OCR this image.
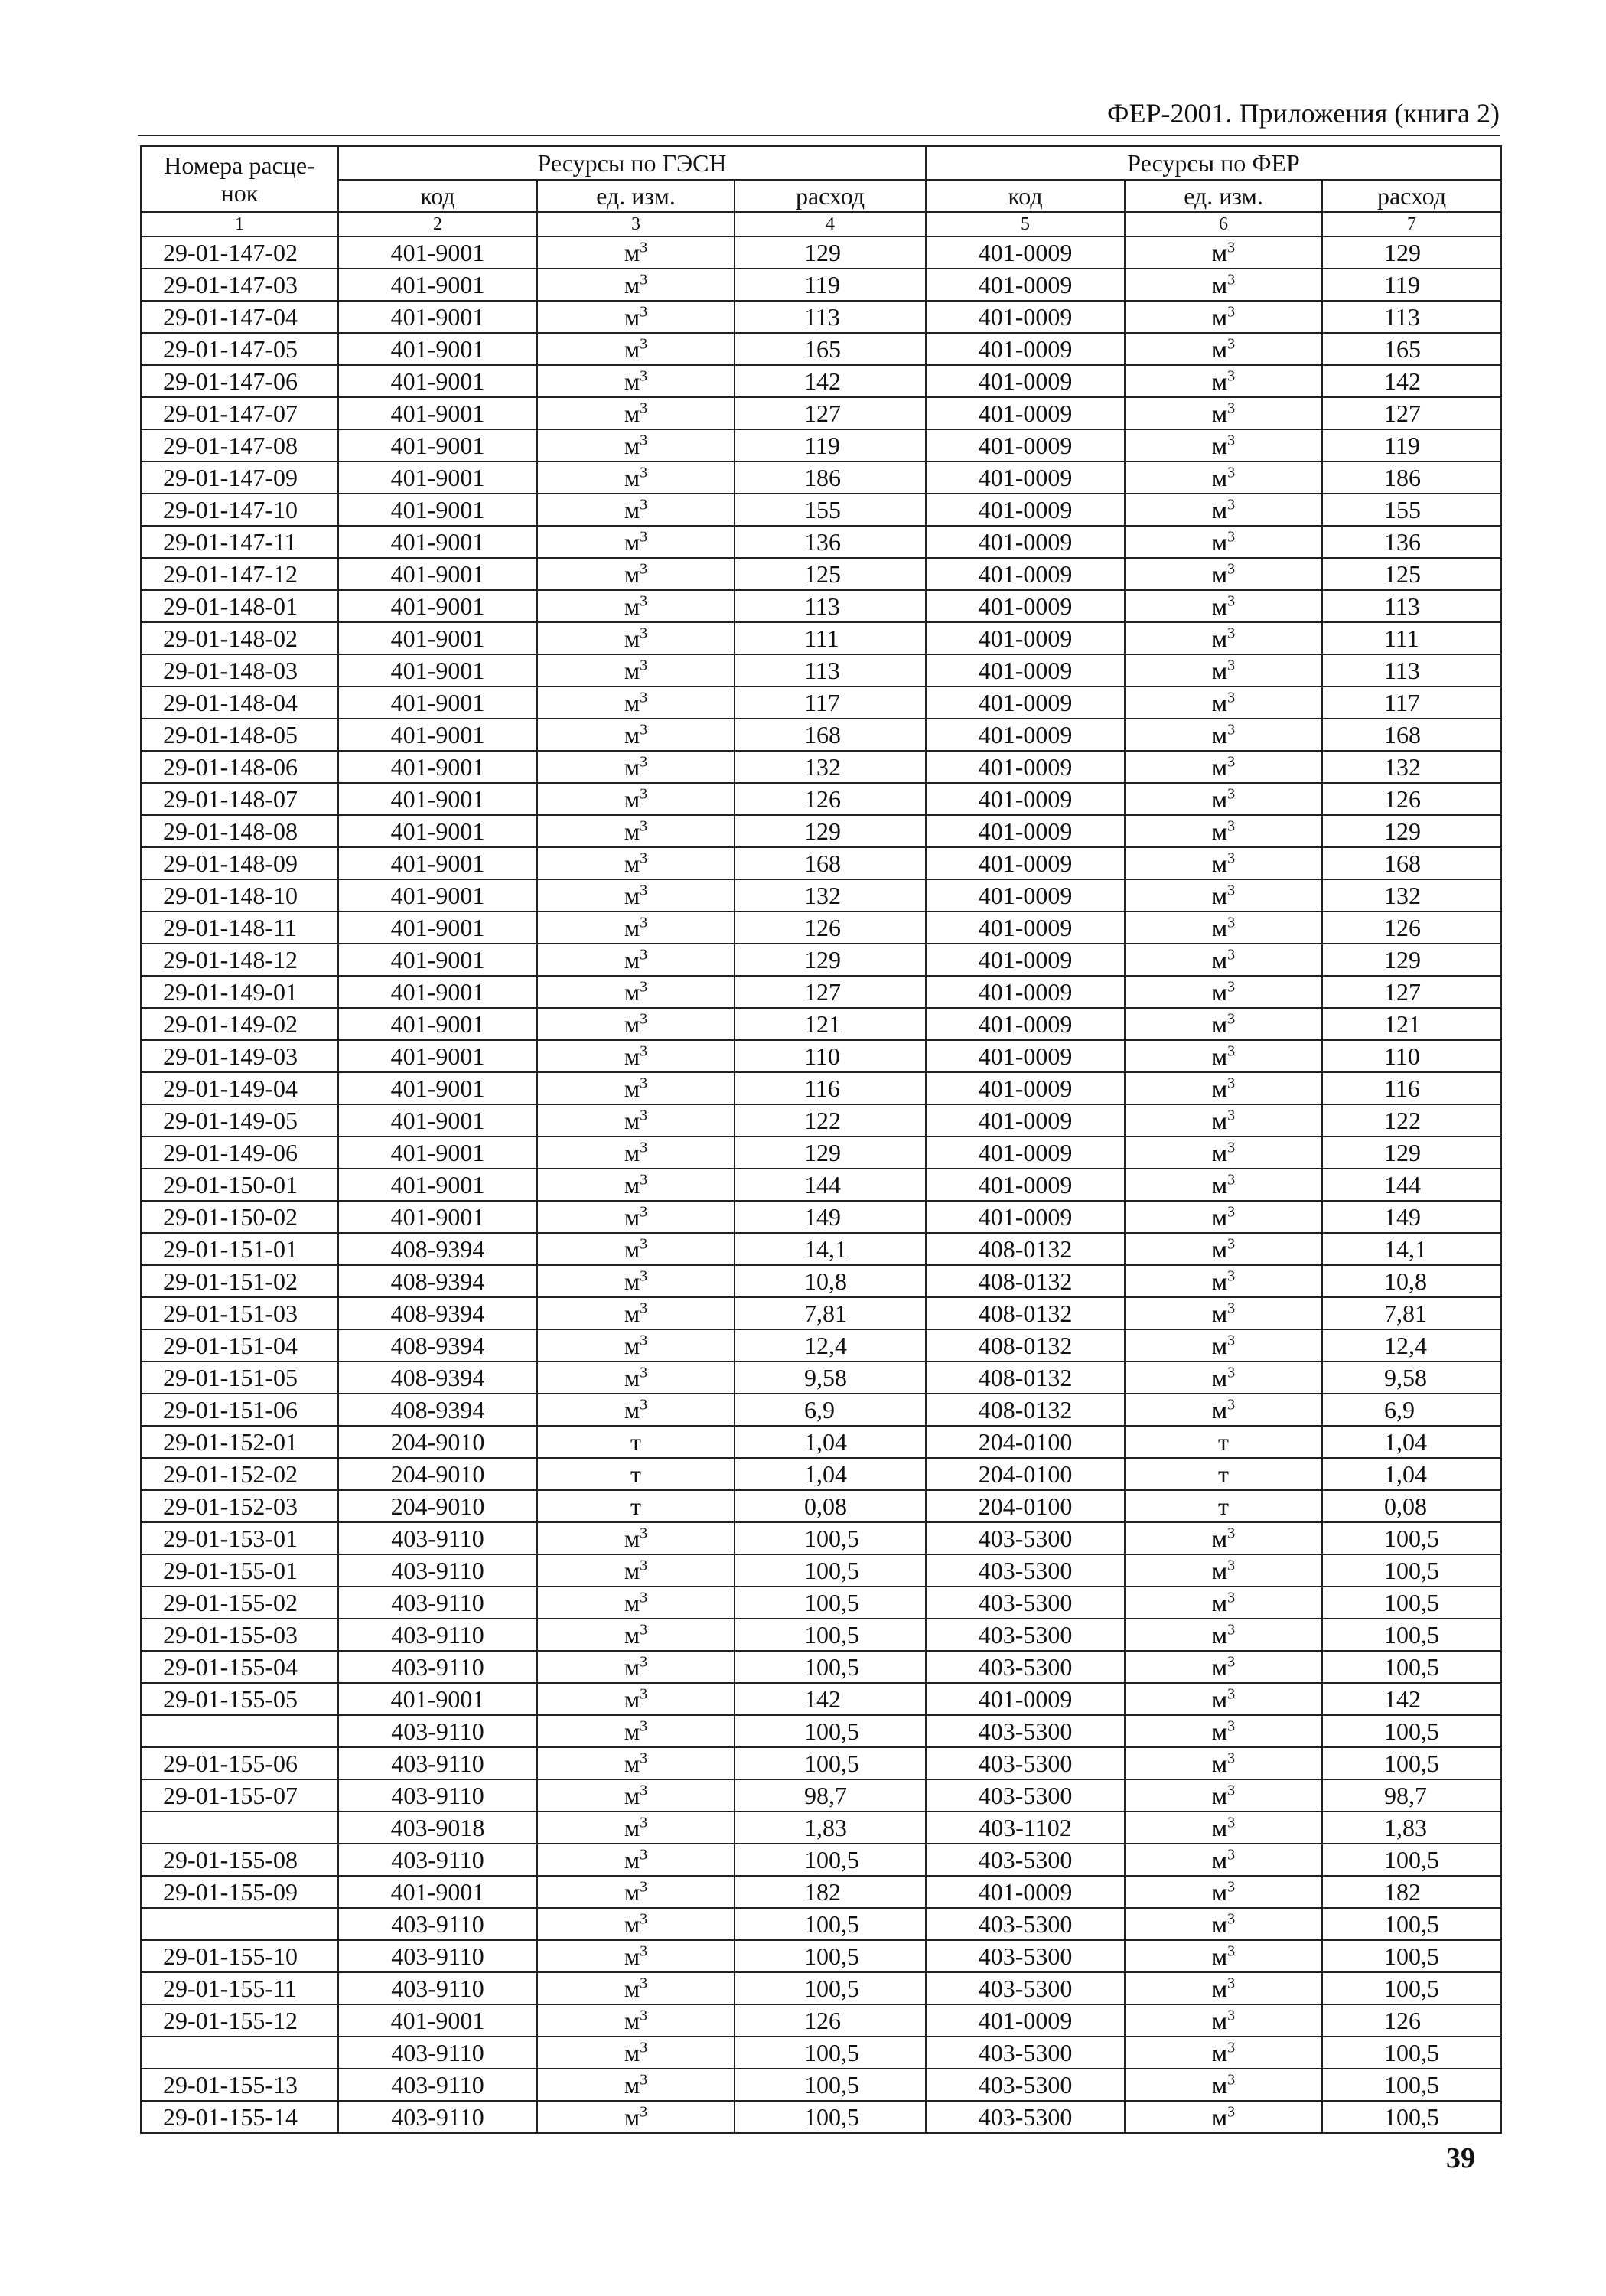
ФЕР-2001. Приложения (книга 2)
Номера расце-
нок	Ресурсы по ГЭСН			Ресурсы по ФЕР		
	код	ед. изм.	расход	код	ед. изм.	расход
1	2	3	4	5	6	7
29-01-147-02	401-9001	$м^3$	129	401-0009	$м^3$	129
29-01-147-03	401-9001	$м^3$	119	401-0009	$м^3$	119
29-01-147-04	401-9001	$м^3$	113	401-0009	$м^3$	113
29-01-147-05	401-9001	$м^3$	165	401-0009	$м^3$	165
29-01-147-06	401-9001	$м^3$	142	401-0009	$м^3$	142
29-01-147-07	401-9001	$м^3$	127	401-0009	$м^3$	127
29-01-147-08	401-9001	$м^3$	119	401-0009	$м^3$	119
29-01-147-09	401-9001	$м^3$	186	401-0009	$м^3$	186
29-01-147-10	401-9001	$м^3$	155	401-0009	$м^3$	155
29-01-147-11	401-9001	$м^3$	136	401-0009	$м^3$	136
29-01-147-12	401-9001	$м^3$	125	401-0009	$м^3$	125
29-01-148-01	401-9001	$м^3$	113	401-0009	$м^3$	113
29-01-148-02	401-9001	$м^3$	111	401-0009	$м^3$	111
29-01-148-03	401-9001	$м^3$	113	401-0009	$м^3$	113
29-01-148-04	401-9001	$м^3$	117	401-0009	$м^3$	117
29-01-148-05	401-9001	$м^3$	168	401-0009	$м^3$	168
29-01-148-06	401-9001	$м^3$	132	401-0009	$м^3$	132
29-01-148-07	401-9001	$м^3$	126	401-0009	$м^3$	126
29-01-148-08	401-9001	$м^3$	129	401-0009	$м^3$	129
29-01-148-09	401-9001	$м^3$	168	401-0009	$м^3$	168
29-01-148-10	401-9001	$м^3$	132	401-0009	$м^3$	132
29-01-148-11	401-9001	$м^3$	126	401-0009	$м^3$	126
29-01-148-12	401-9001	$м^3$	129	401-0009	$м^3$	129
29-01-149-01	401-9001	$м^3$	127	401-0009	$м^3$	127
29-01-149-02	401-9001	$м^3$	121	401-0009	$м^3$	121
29-01-149-03	401-9001	$м^3$	110	401-0009	$м^3$	110
29-01-149-04	401-9001	$м^3$	116	401-0009	$м^3$	116
29-01-149-05	401-9001	$м^3$	122	401-0009	$м^3$	122
29-01-149-06	401-9001	$м^3$	129	401-0009	$м^3$	129
29-01-150-01	401-9001	$м^3$	144	401-0009	$м^3$	144
29-01-150-02	401-9001	$м^3$	149	401-0009	$м^3$	149
29-01-151-01	408-9394	$м^3$	14,1	408-0132	$м^3$	14,1
29-01-151-02	408-9394	$м^3$	10,8	408-0132	$м^3$	10,8
29-01-151-03	408-9394	$м^3$	7,81	408-0132	$м^3$	7,81
29-01-151-04	408-9394	$м^3$	12,4	408-0132	$м^3$	12,4
29-01-151-05	408-9394	$м^3$	9,58	408-0132	$м^3$	9,58
29-01-151-06	408-9394	$м^3$	6,9	408-0132	$м^3$	6,9
29-01-152-01	204-9010	т	1,04	204-0100	т	1,04
29-01-152-02	204-9010	т	1,04	204-0100	т	1,04
29-01-152-03	204-9010	т	0,08	204-0100	т	0,08
29-01-153-01	403-9110	$м^3$	100,5	403-5300	$м^3$	100,5
29-01-155-01	403-9110	$м^3$	100,5	403-5300	$м^3$	100,5
29-01-155-02	403-9110	$м^3$	100,5	403-5300	$м^3$	100,5
29-01-155-03	403-9110	$м^3$	100,5	403-5300	$м^3$	100,5
29-01-155-04	403-9110	$м^3$	100,5	403-5300	$м^3$	100,5
29-01-155-05	401-9001	$м^3$	142	401-0009	$м^3$	142
	403-9110	$м^3$	100,5	403-5300	$м^3$	100,5
29-01-155-06	403-9110	$м^3$	100,5	403-5300	$м^3$	100,5
29-01-155-07	403-9110	$м^3$	98,7	403-5300	$м^3$	98,7
	403-9018	$м^3$	1,83	403-1102	$м^3$	1,83
29-01-155-08	403-9110	$м^3$	100,5	403-5300	$м^3$	100,5
29-01-155-09	401-9001	$м^3$	182	401-0009	$м^3$	182
	403-9110	$м^3$	100,5	403-5300	$м^3$	100,5
29-01-155-10	403-9110	$м^3$	100,5	403-5300	$м^3$	100,5
29-01-155-11	403-9110	$м^3$	100,5	403-5300	$м^3$	100,5
29-01-155-12	401-9001	$м^3$	126	401-0009	$м^3$	126
	403-9110	$м^3$	100,5	403-5300	$м^3$	100,5
29-01-155-13	403-9110	$м^3$	100,5	403-5300	$м^3$	100,5
29-01-155-14	403-9110	$м^3$	100,5	403-5300	$м^3$	100,5
39
